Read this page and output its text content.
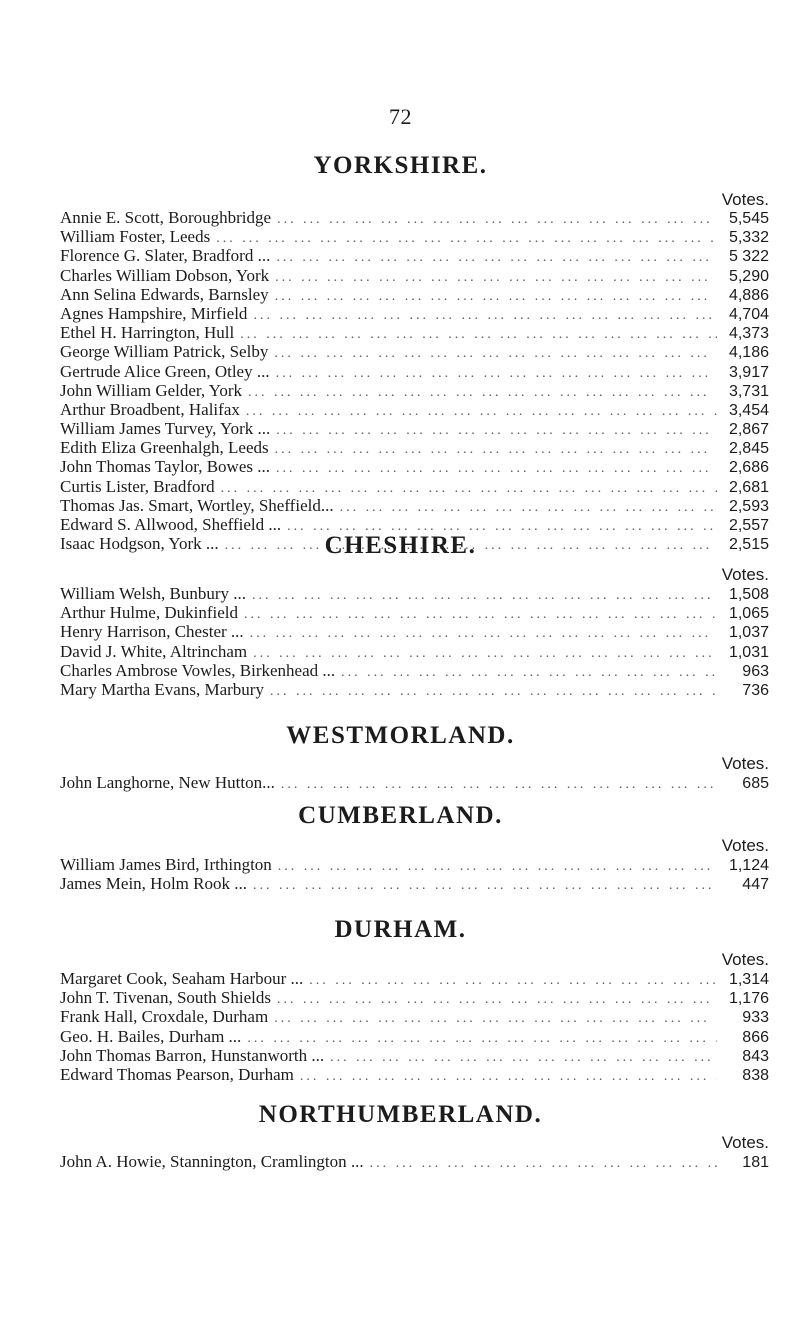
72
YORKSHIRE.
Votes.
Annie E. Scott, Boroughbridge ... .	5,545
William Foster, Leeds ... .	5,332
Florence G. Slater, Bradford ... ... .	5 322
Charles William Dobson, York ... .	5,290
Ann Selina Edwards, Barnsley ... .	4,886
Agnes Hampshire, Mirfield ... .	4,704
Ethel H. Harrington, Hull ... .	4,373
George William Patrick, Selby ... .	4,186
Gertrude Alice Green, Otley ... ... .	3,917
John William Gelder, York ... .	3,731
Arthur Broadbent, Halifax ... .	3,454
William James Turvey, York ... ... .	2,867
Edith Eliza Greenhalgh, Leeds ... .	2,845
John Thomas Taylor, Bowes ... ... .	2,686
Curtis Lister, Bradford ... .	2,681
Thomas Jas. Smart, Wortley, Sheffield... ... .	2,593
Edward S. Allwood, Sheffield ... ... .	2,557
Isaac Hodgson, York ... ... .	2,515
CHESHIRE.
Votes.
William Welsh, Bunbury ... ... .	1,508
Arthur Hulme, Dukinfield ... .	1,065
Henry Harrison, Chester ... ... .	1,037
David J. White, Altrincham ... .	1,031
Charles Ambrose Vowles, Birkenhead ... ... .	963
Mary Martha Evans, Marbury ... .	736
WESTMORLAND.
Votes.
John Langhorne, New Hutton... ... .	685
CUMBERLAND.
Votes.
William James Bird, Irthington ... .	1,124
James Mein, Holm Rook ... ... .	447
DURHAM.
Votes.
Margaret Cook, Seaham Harbour ... ... .	1,314
John T. Tivenan, South Shields ... .	1,176
Frank Hall, Croxdale, Durham ... .	933
Geo. H. Bailes, Durham ... ... .	866
John Thomas Barron, Hunstanworth ... ... .	843
Edward Thomas Pearson, Durham ... .	838
NORTHUMBERLAND.
Votes.
John A. Howie, Stannington, Cramlington ... ... .	181
